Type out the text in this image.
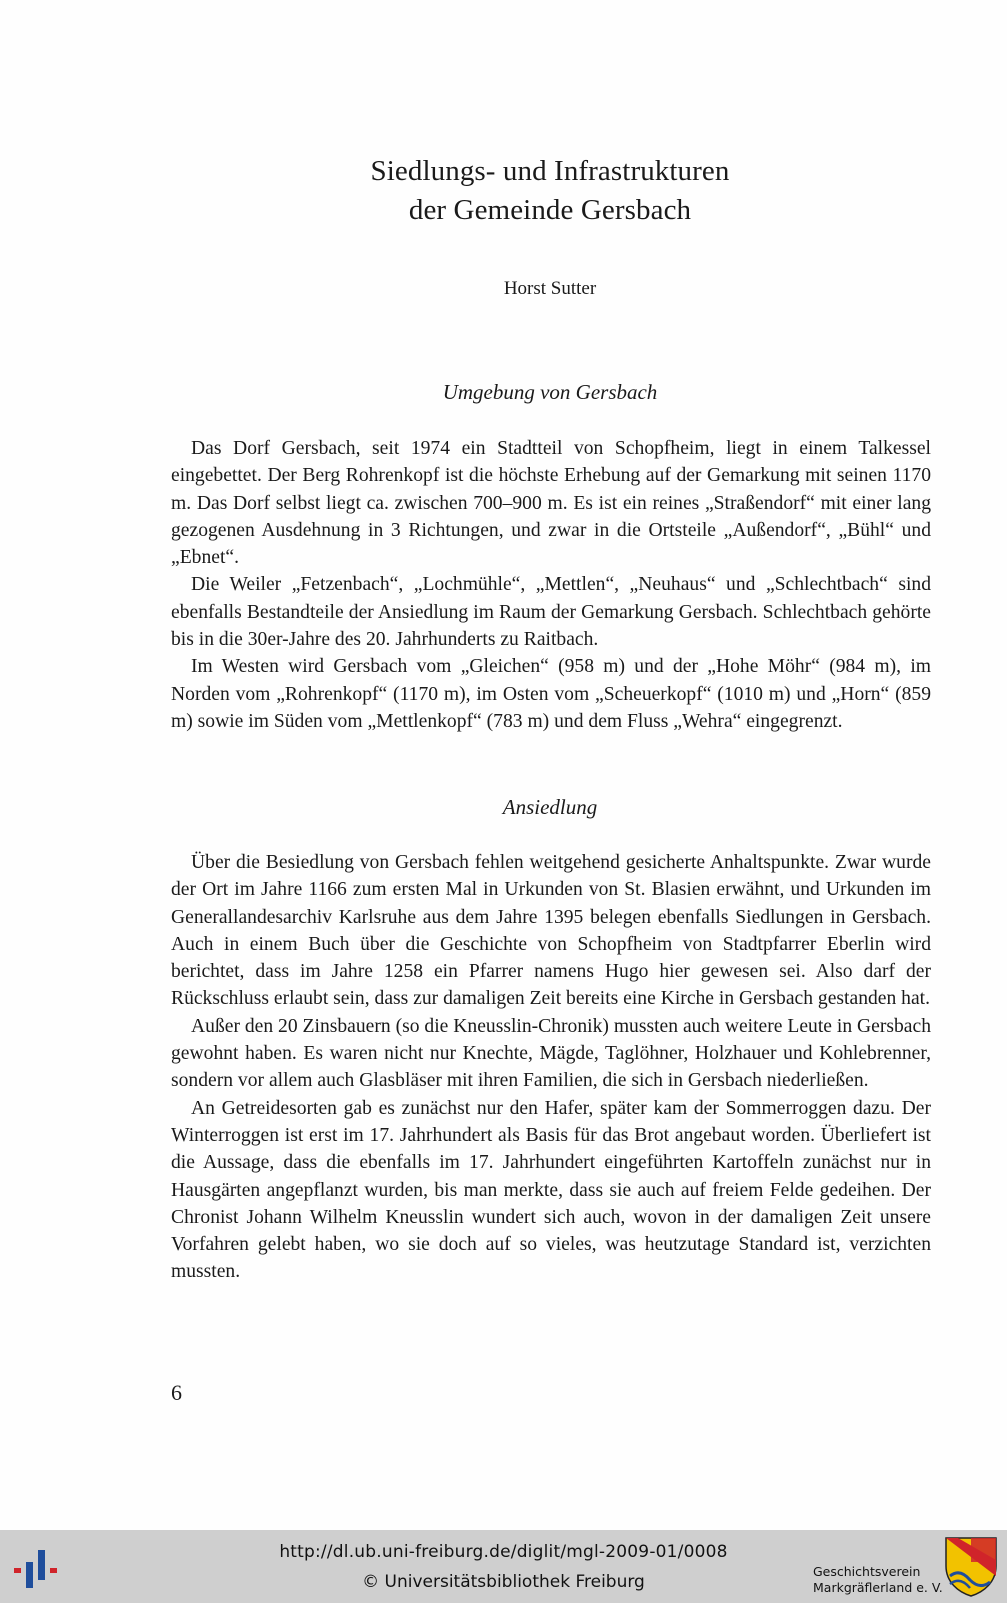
Siedlungs- und Infrastrukturen
der Gemeinde Gersbach
Horst Sutter
Umgebung von Gersbach

Das Dorf Gersbach, seit 1974 ein Stadtteil von Schopfheim, liegt in einem Talkessel eingebettet. Der Berg Rohrenkopf ist die höchste Erhebung auf der Gemarkung mit seinen 1170 m. Das Dorf selbst liegt ca. zwischen 700–900 m. Es ist ein reines „Straßendorf“ mit einer lang gezogenen Ausdehnung in 3 Richtungen, und zwar in die Ortsteile „Außendorf“, „Bühl“ und „Ebnet“.

Die Weiler „Fetzenbach“, „Lochmühle“, „Mettlen“, „Neuhaus“ und „Schlechtbach“ sind ebenfalls Bestandteile der Ansiedlung im Raum der Gemarkung Gersbach. Schlechtbach gehörte bis in die 30er-Jahre des 20. Jahrhunderts zu Raitbach.

Im Westen wird Gersbach vom „Gleichen“ (958 m) und der „Hohe Möhr“ (984 m), im Norden vom „Rohrenkopf“ (1170 m), im Osten vom „Scheuerkopf“ (1010 m) und „Horn“ (859 m) sowie im Süden vom „Mettlenkopf“ (783 m) und dem Fluss „Wehra“ eingegrenzt.

Ansiedlung

Über die Besiedlung von Gersbach fehlen weitgehend gesicherte Anhaltspunkte. Zwar wurde der Ort im Jahre 1166 zum ersten Mal in Urkunden von St. Blasien erwähnt, und Urkunden im Generallandesarchiv Karlsruhe aus dem Jahre 1395 belegen ebenfalls Siedlungen in Gersbach. Auch in einem Buch über die Geschichte von Schopfheim von Stadtpfarrer Eberlin wird berichtet, dass im Jahre 1258 ein Pfarrer namens Hugo hier gewesen sei. Also darf der Rückschluss erlaubt sein, dass zur damaligen Zeit bereits eine Kirche in Gersbach gestanden hat.

Außer den 20 Zinsbauern (so die Kneusslin-Chronik) mussten auch weitere Leute in Gersbach gewohnt haben. Es waren nicht nur Knechte, Mägde, Taglöhner, Holzhauer und Kohlebrenner, sondern vor allem auch Glasbläser mit ihren Familien, die sich in Gersbach niederließen.

An Getreidesorten gab es zunächst nur den Hafer, später kam der Sommerroggen dazu. Der Winterroggen ist erst im 17. Jahrhundert als Basis für das Brot angebaut worden. Überliefert ist die Aussage, dass die ebenfalls im 17. Jahrhundert eingeführten Kartoffeln zunächst nur in Hausgärten angepflanzt wurden, bis man merkte, dass sie auch auf freiem Felde gedeihen. Der Chronist Johann Wilhelm Kneusslin wundert sich auch, wovon in der damaligen Zeit unsere Vorfahren gelebt haben, wo sie doch auf so vieles, was heutzutage Standard ist, verzichten mussten.

6
http://dl.ub.uni-freiburg.de/diglit/mgl-2009-01/0008
© Universitätsbibliothek Freiburg
Geschichtsverein
Markgräflerland e. V.
